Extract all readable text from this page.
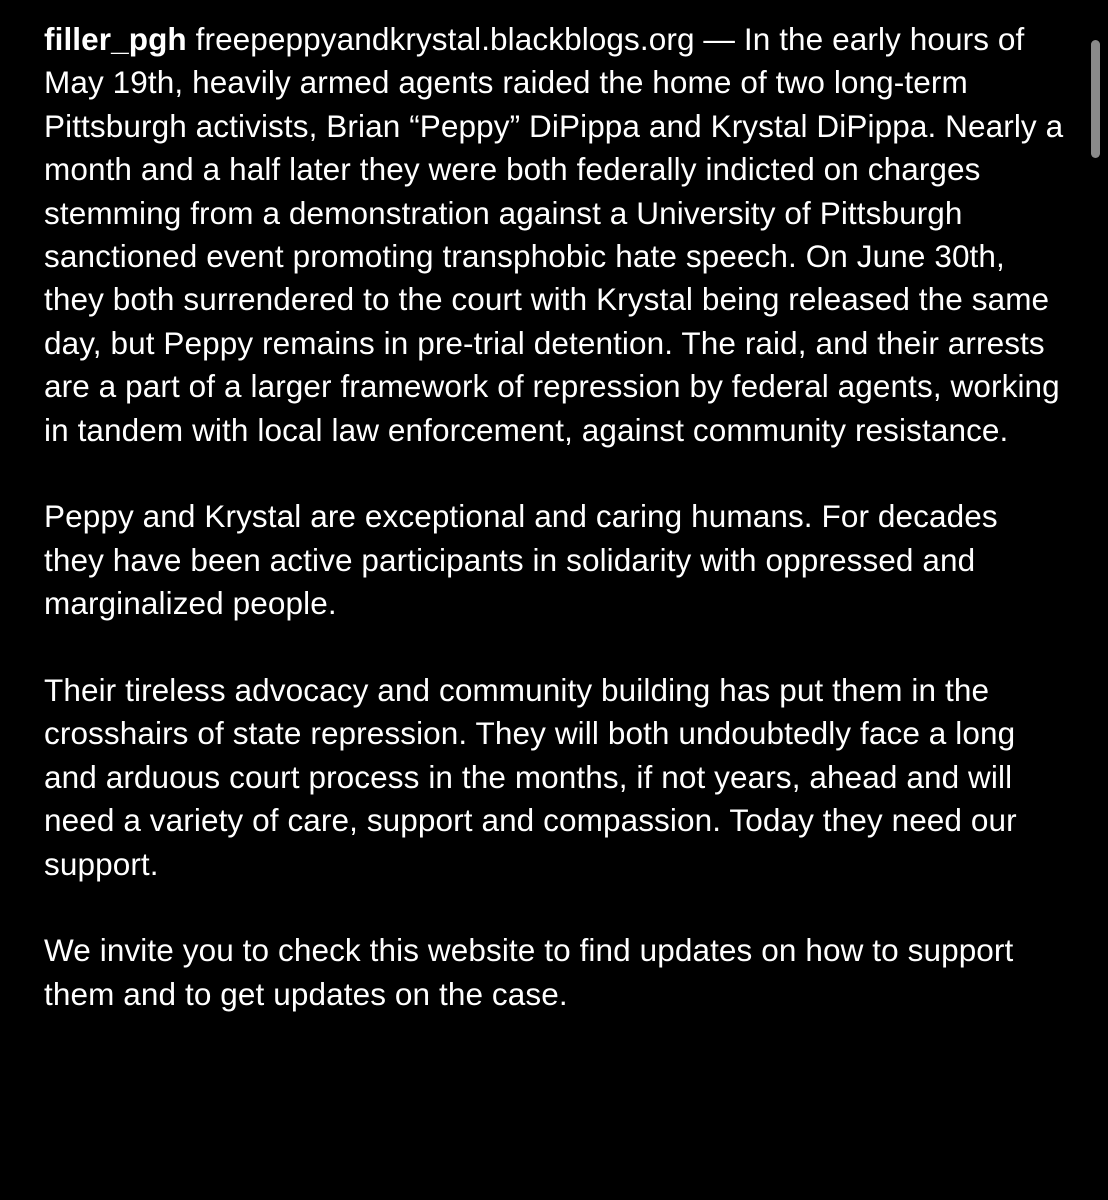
filler_pgh freepeppyandkrystal.blackblogs.org — In the early hours of May 19th, heavily armed agents raided the home of two long-term Pittsburgh activists, Brian “Peppy” DiPippa and Krystal DiPippa. Nearly a month and a half later they were both federally indicted on charges stemming from a demonstration against a University of Pittsburgh sanctioned event promoting transphobic hate speech. On June 30th, they both surrendered to the court with Krystal being released the same day, but Peppy remains in pre-trial detention. The raid, and their arrests are a part of a larger framework of repression by federal agents, working in tandem with local law enforcement, against community resistance.

Peppy and Krystal are exceptional and caring humans. For decades they have been active participants in solidarity with oppressed and marginalized people.

Their tireless advocacy and community building has put them in the crosshairs of state repression. They will both undoubtedly face a long and arduous court process in the months, if not years, ahead and will need a variety of care, support and compassion. Today they need our support.

We invite you to check this website to find updates on how to support them and to get updates on the case.
